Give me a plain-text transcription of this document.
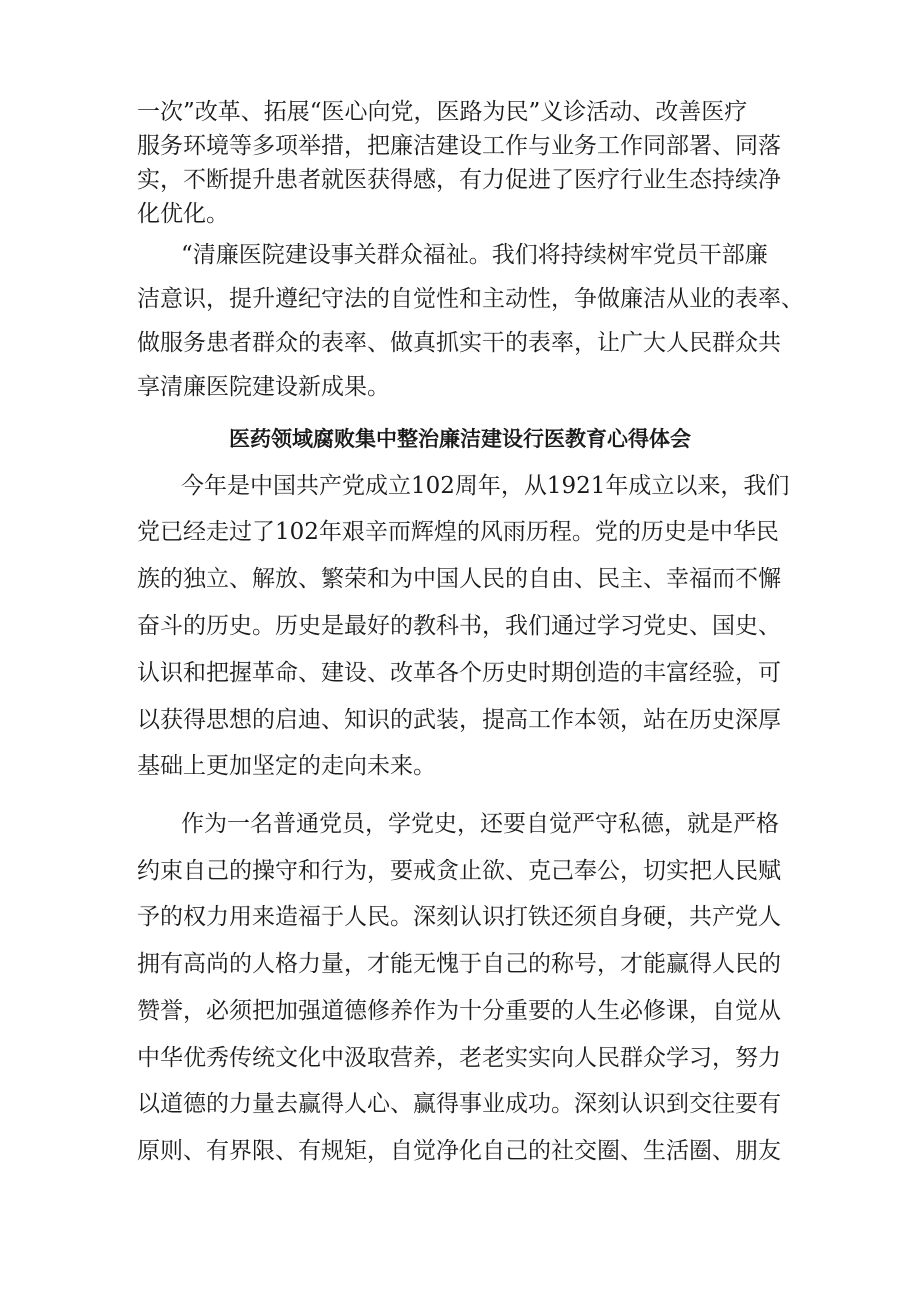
一次”改革、拓展“医心向党，医路为民”义诊活动、改善医疗

服务环境等多项举措，把廉洁建设工作与业务工作同部署、同落

实，不断提升患者就医获得感，有力促进了医疗行业生态持续净

化优化。

“清廉医院建设事关群众福祉。我们将持续树牢党员干部廉

洁意识，提升遵纪守法的自觉性和主动性，争做廉洁从业的表率、

做服务患者群众的表率、做真抓实干的表率，让广大人民群众共

享清廉医院建设新成果。

医药领域腐败集中整治廉洁建设行医教育心得体会

今年是中国共产党成立102周年，从1921年成立以来，我们

党已经走过了102年艰辛而辉煌的风雨历程。党的历史是中华民

族的独立、解放、繁荣和为中国人民的自由、民主、幸福而不懈

奋斗的历史。历史是最好的教科书，我们通过学习党史、国史、

认识和把握革命、建设、改革各个历史时期创造的丰富经验，可

以获得思想的启迪、知识的武装，提高工作本领，站在历史深厚

基础上更加坚定的走向未来。

作为一名普通党员，学党史，还要自觉严守私德，就是严格

约束自己的操守和行为，要戒贪止欲、克己奉公，切实把人民赋

予的权力用来造福于人民。深刻认识打铁还须自身硬，共产党人

拥有高尚的人格力量，才能无愧于自己的称号，才能赢得人民的

赞誉，必须把加强道德修养作为十分重要的人生必修课，自觉从

中华优秀传统文化中汲取营养，老老实实向人民群众学习，努力

以道德的力量去赢得人心、赢得事业成功。深刻认识到交往要有

原则、有界限、有规矩，自觉净化自己的社交圈、生活圈、朋友
